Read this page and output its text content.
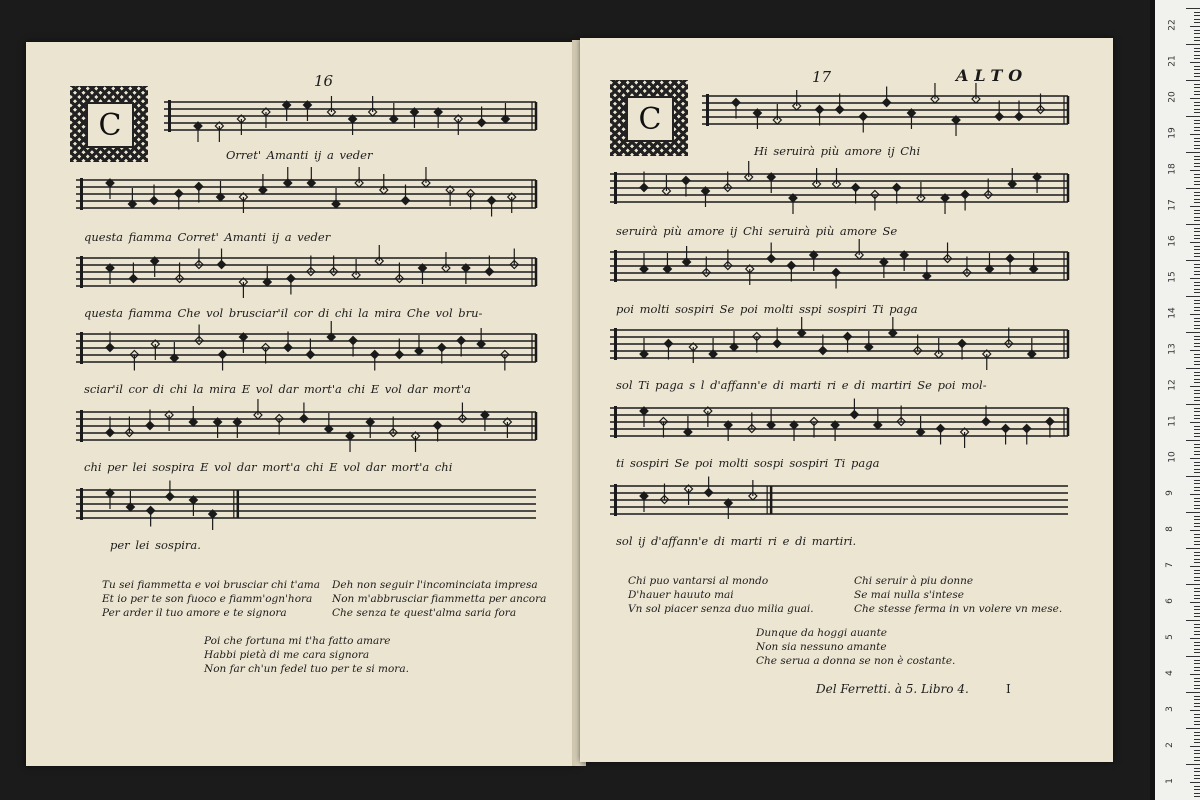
16
C
Orret' Amanti ij a veder
questa fiamma Corret' Amanti ij a veder
questa fiamma Che vol brusciar'il cor di chi la mira Che vol bru-
sciar'il cor di chi la mira E vol dar mort'a chi E vol dar mort'a
chi per lei sospira E vol dar mort'a chi E vol dar mort'a chi
per lei sospira.
Tu sei fiammetta e voi brusciar chi t'ama
Et io per te son fuoco e fiamm'ogn'hora
Per arder il tuo amore e te signora
Deh non seguir l'incominciata impresa
Non m'abbrusciar fiammetta per ancora
Che senza te quest'alma saria fora
Poi che fortuna mi t'ha fatto amare
Habbi pietà di me cara signora
Non far ch'un fedel tuo per te si mora.
17	ALTO
C
Hi seruirà più amore ij Chi
seruirà più amore ij Chi seruirà più amore Se
poi molti sospiri Se poi molti sspi sospiri Ti paga
sol Ti paga s l d'affann'e di marti ri e di martiri Se poi mol-
ti sospiri Se poi molti sospi sospiri Ti paga
sol ij d'affann'e di marti ri e di martiri.
Chi puo vantarsi al mondo
D'hauer hauuto mai
Vn sol piacer senza duo milia guai.
Chi seruir à piu donne
Se mai nulla s'intese
Che stesse ferma in vn volere vn mese.
Dunque da hoggi auante
Non sia nessuno amante
Che serua a donna se non è costante.
Del Ferretti. à 5. Libro 4.	I
22
21
20
19
18
17
16
15
14
13
12
11
10
9
8
7
6
5
4
3
2
1
